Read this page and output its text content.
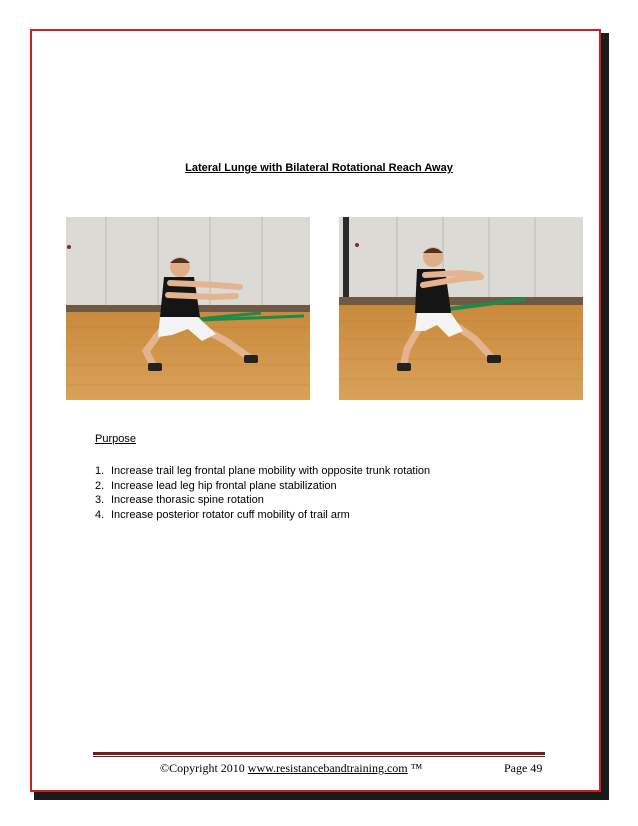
Lateral Lunge with Bilateral Rotational Reach Away
Purpose
1. Increase trail leg frontal plane mobility with opposite trunk rotation
2. Increase lead leg hip frontal plane stabilization
3. Increase thorasic spine rotation
4. Increase posterior rotator cuff mobility of trail arm
©Copyright 2010 www.resistancebandtraining.com ™	Page 49
